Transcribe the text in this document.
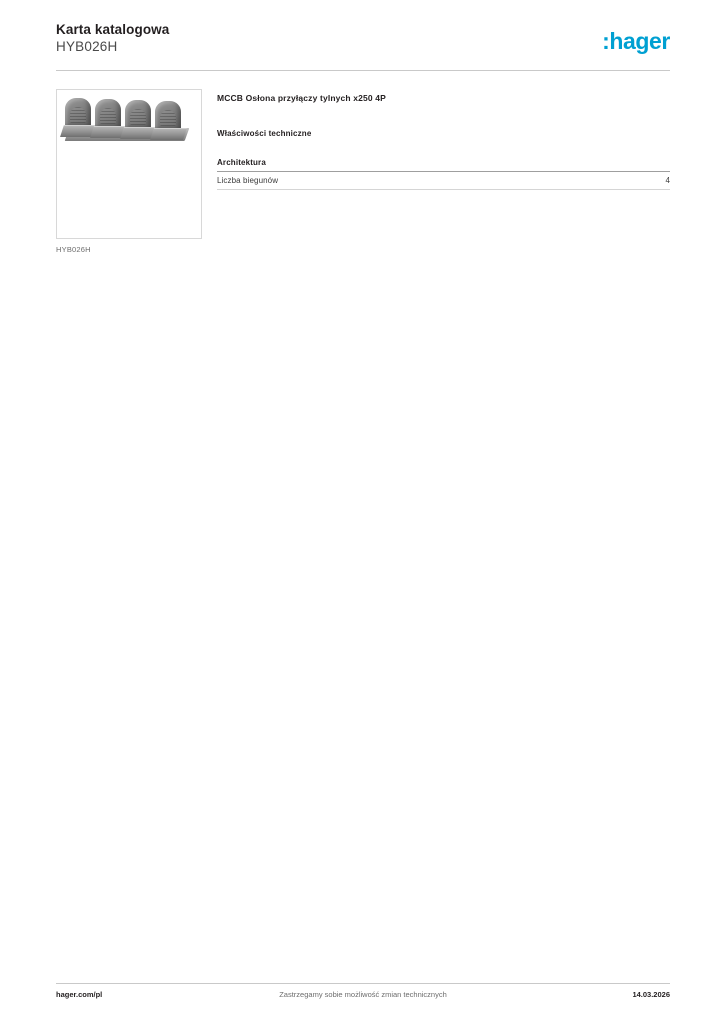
Karta katalogowa
HYB026H	:hager
HYB026H
MCCB Osłona przyłączy tylnych x250 4P
Właściwości techniczne
Architektura
Liczba biegunów	4
hager.com/pl	Zastrzegamy sobie możliwość zmian technicznych	14.03.2026
